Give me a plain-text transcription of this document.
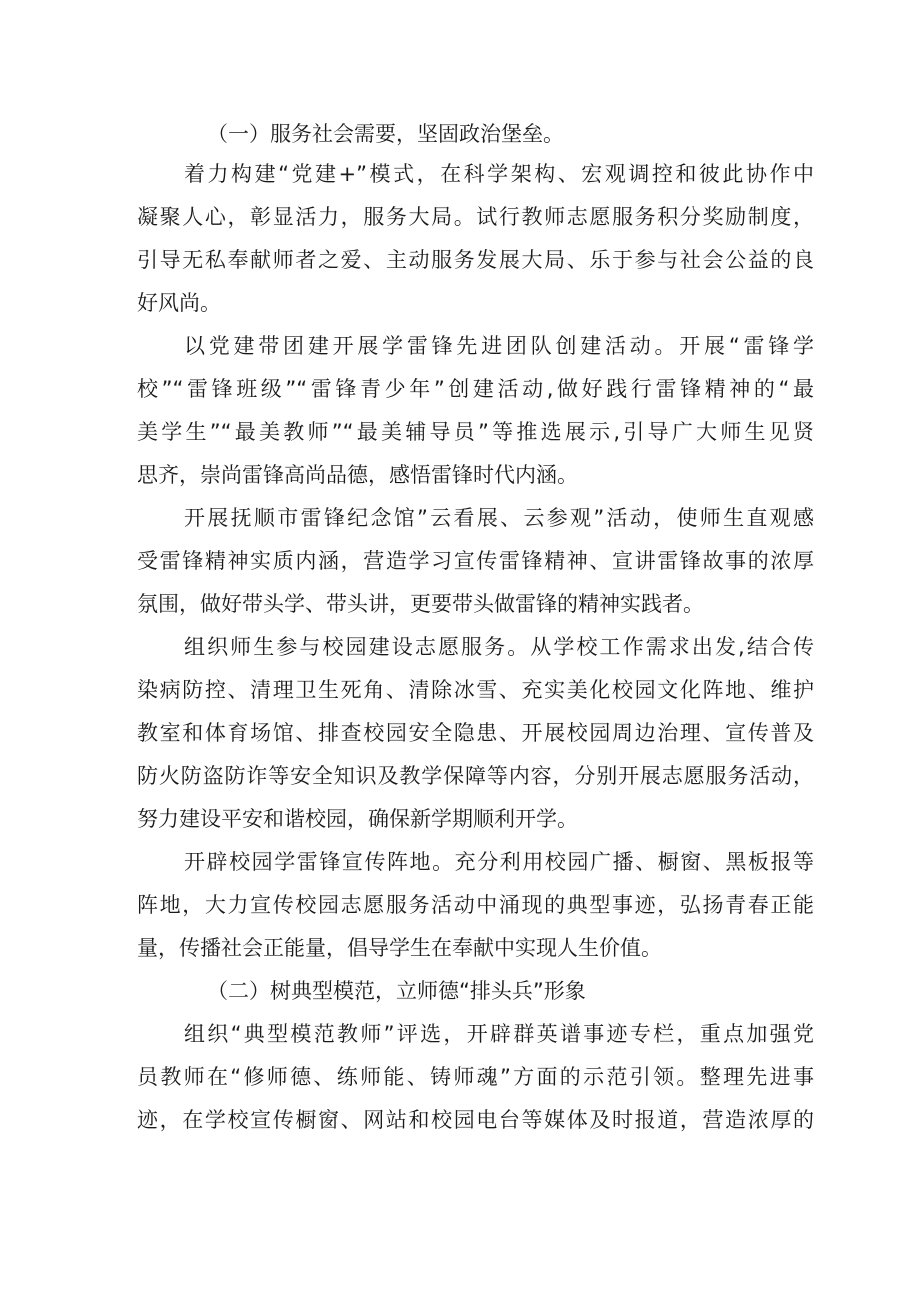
（一）服务社会需要，坚固政治堡垒。

着力构建“党建+”模式，在科学架构、宏观调控和彼此协作中

凝聚人心，彰显活力，服务大局。试行教师志愿服务积分奖励制度，

引导无私奉献师者之爱、主动服务发展大局、乐于参与社会公益的良

好风尚。

以党建带团建开展学雷锋先进团队创建活动。开展“雷锋学

校”“雷锋班级”“雷锋青少年”创建活动,做好践行雷锋精神的“最

美学生”“最美教师”“最美辅导员”等推选展示,引导广大师生见贤

思齐，崇尚雷锋高尚品德，感悟雷锋时代内涵。

开展抚顺市雷锋纪念馆”云看展、云参观”活动，使师生直观感

受雷锋精神实质内涵，营造学习宣传雷锋精神、宣讲雷锋故事的浓厚

氛围，做好带头学、带头讲，更要带头做雷锋的精神实践者。

组织师生参与校园建设志愿服务。从学校工作需求出发,结合传

染病防控、清理卫生死角、清除冰雪、充实美化校园文化阵地、维护

教室和体育场馆、排查校园安全隐患、开展校园周边治理、宣传普及

防火防盗防诈等安全知识及教学保障等内容，分别开展志愿服务活动，

努力建设平安和谐校园，确保新学期顺利开学。

开辟校园学雷锋宣传阵地。充分利用校园广播、橱窗、黑板报等

阵地，大力宣传校园志愿服务活动中涌现的典型事迹，弘扬青春正能

量，传播社会正能量，倡导学生在奉献中实现人生价值。

（二）树典型模范，立师德“排头兵”形象

组织“典型模范教师”评选，开辟群英谱事迹专栏，重点加强党

员教师在“修师德、练师能、铸师魂”方面的示范引领。整理先进事

迹，在学校宣传橱窗、网站和校园电台等媒体及时报道，营造浓厚的
